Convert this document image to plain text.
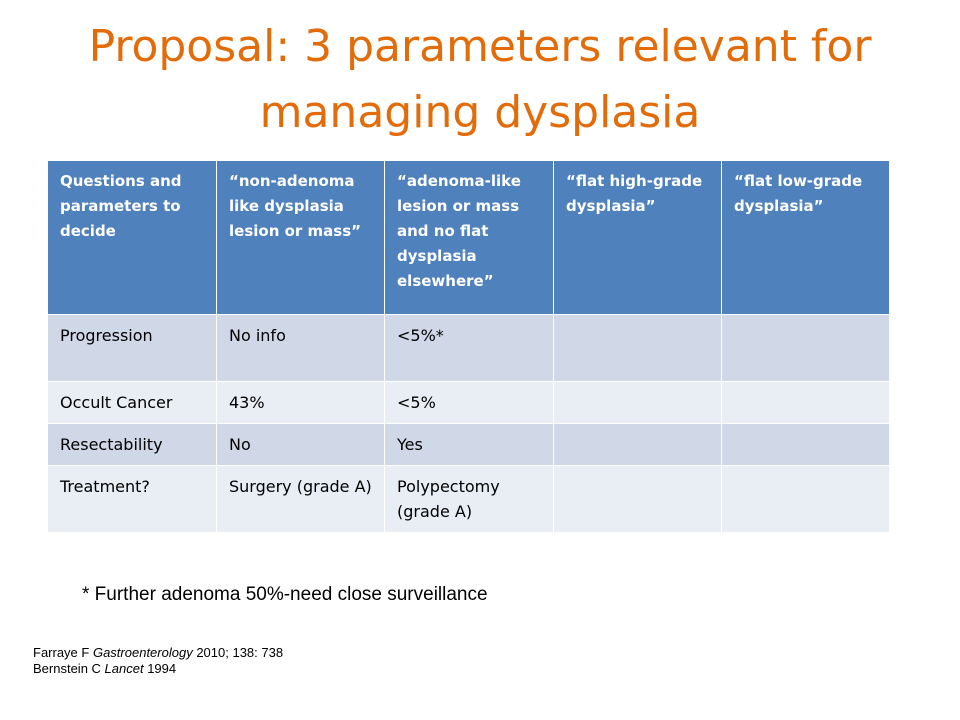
Proposal: 3 parameters relevant for
managing dysplasia
Questions and parameters to decide	“non-adenoma like dysplasia lesion or mass”	“adenoma-like lesion or mass and no flat dysplasia elsewhere”	“flat high-grade dysplasia”	“flat low-grade dysplasia”
Progression	No info	<5%*		
Occult Cancer	43%	<5%		
Resectability	No	Yes		
Treatment?	Surgery (grade A)	Polypectomy (grade A)		
* Further adenoma 50%-need close surveillance
Farraye F Gastroenterology 2010; 138: 738
Bernstein C Lancet 1994
